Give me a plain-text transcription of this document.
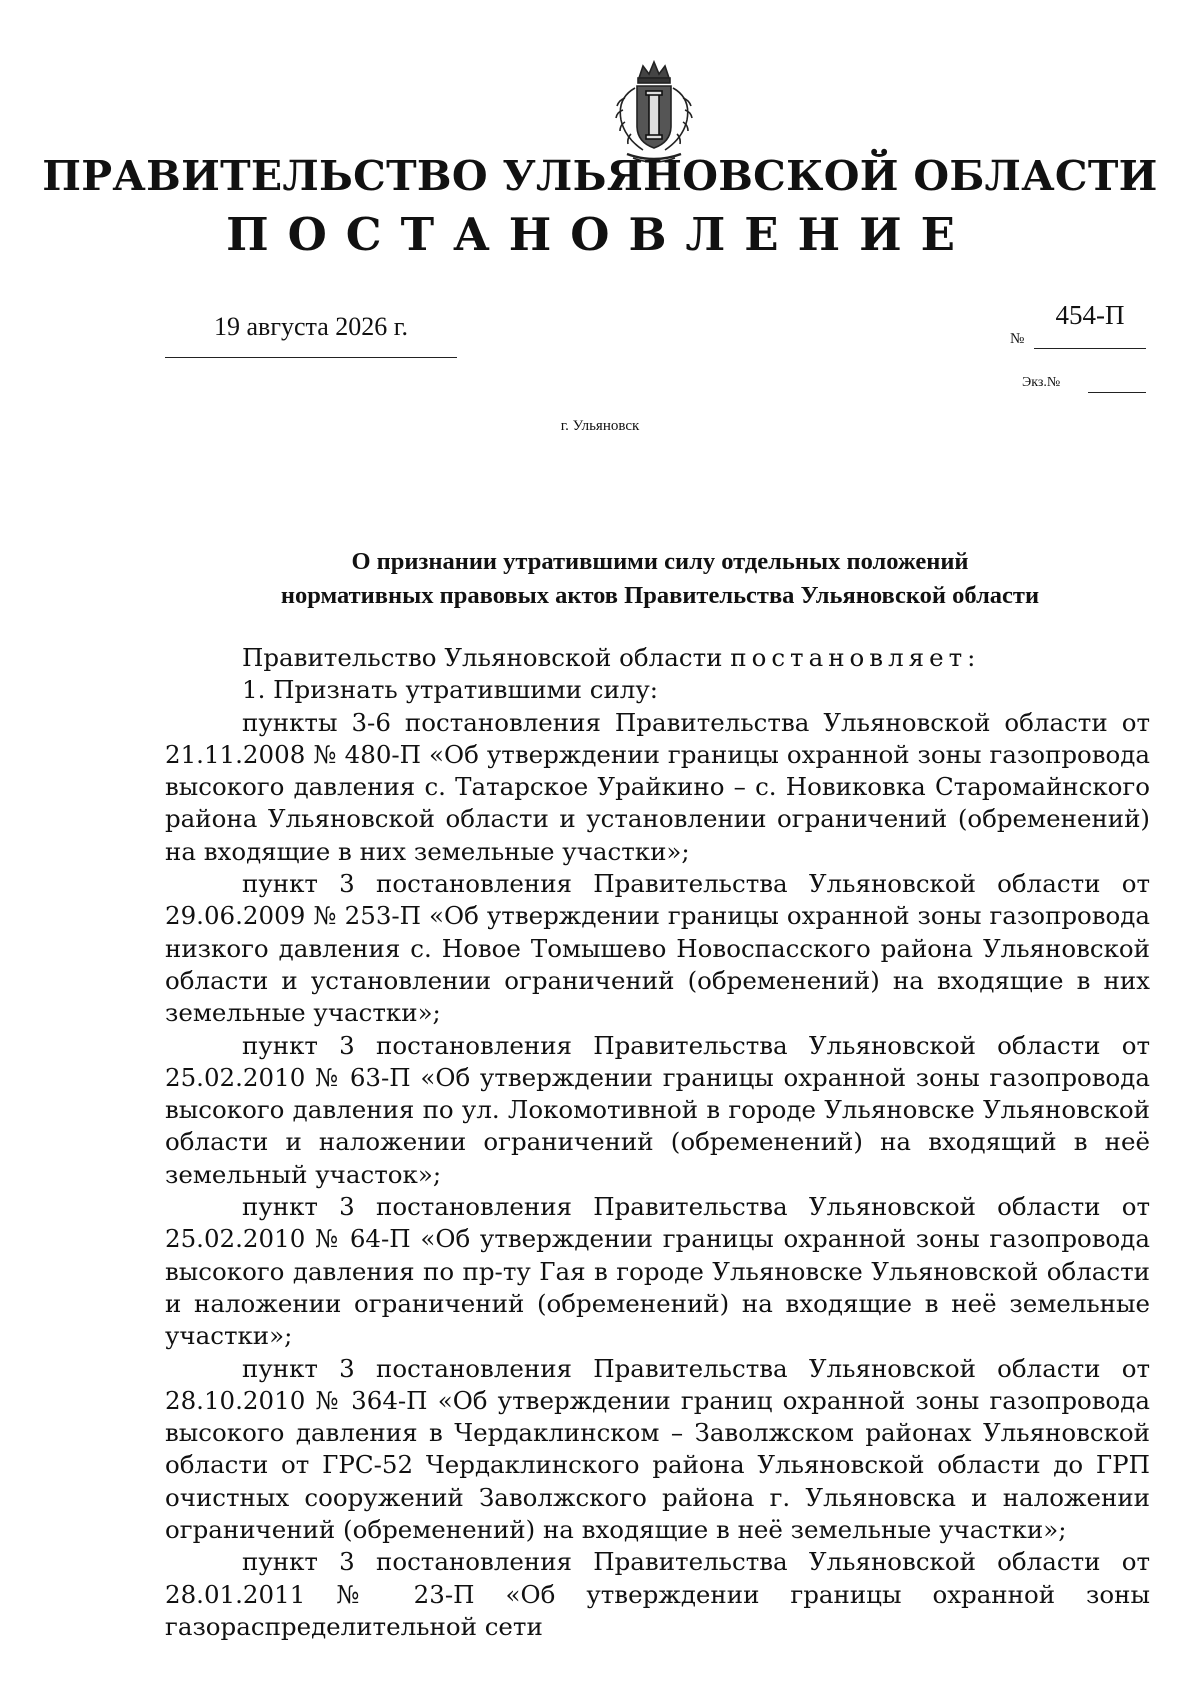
ПРАВИТЕЛЬСТВО УЛЬЯНОВСКОЙ ОБЛАСТИ
ПОСТАНОВЛЕНИЕ
19 августа 2026 г.	№
454-П
Экз.№
г. Ульяновск
О признании утратившими силу отдельных положений
нормативных правовых актов Правительства Ульяновской области

Правительство Ульяновской области постановляет:

1. Признать утратившими силу:

пункты 3-6 постановления Правительства Ульяновской области от 21.11.2008 № 480-П «Об утверждении границы охранной зоны газопровода высокого давления с. Татарское Урайкино – с. Новиковка Старомайнского района Ульяновской области и установлении ограничений (обременений) на входящие в них земельные участки»;

пункт 3 постановления Правительства Ульяновской области от 29.06.2009 № 253-П «Об утверждении границы охранной зоны газопровода низкого давления с. Новое Томышево Новоспасского района Ульяновской области и установлении ограничений (обременений) на входящие в них земельные участки»;

пункт 3 постановления Правительства Ульяновской области от 25.02.2010 № 63-П «Об утверждении границы охранной зоны газопровода высокого давления по ул. Локомотивной в городе Ульяновске Ульяновской области и наложении ограничений (обременений) на входящий в неё земельный участок»;

пункт 3 постановления Правительства Ульяновской области от 25.02.2010 № 64-П «Об утверждении границы охранной зоны газопровода высокого давления по пр-ту Гая в городе Ульяновске Ульяновской области и наложении ограничений (обременений) на входящие в неё земельные участки»;

пункт 3 постановления Правительства Ульяновской области от 28.10.2010 № 364-П «Об утверждении границ охранной зоны газопровода высокого давления в Чердаклинском – Заволжском районах Ульяновской области от ГРС-52 Чердаклинского района Ульяновской области до ГРП очистных сооружений Заволжского района г. Ульяновска и наложении ограничений (обременений) на входящие в неё земельные участки»;

пункт 3 постановления Правительства Ульяновской области от 28.01.2011 № 23-П «Об утверждении границы охранной зоны газораспределительной сети
